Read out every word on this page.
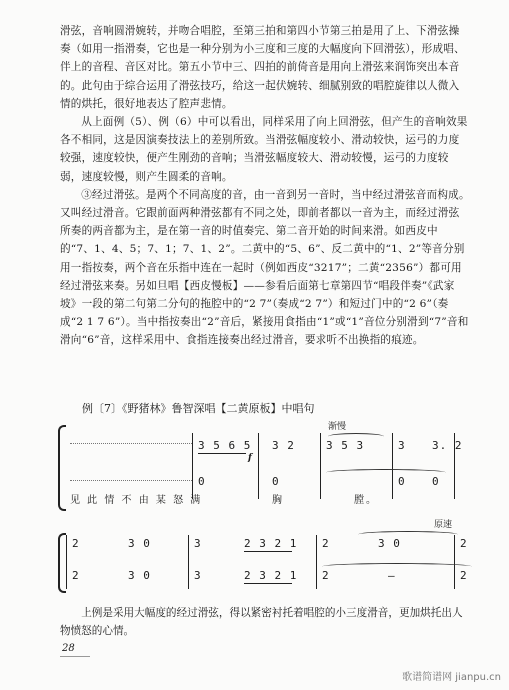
滑弦，音响圆滑婉转，并吻合唱腔，至第三拍和第四小节第三拍是用了上、下滑弦操奏（如用一指滑奏，它也是一种分别为小三度和三度的大幅度向下回滑弦），形成唱、伴上的音程、音区对比。第五小节中三、四拍的前倚音是用向上滑弦来润饰突出本音的。此句由于综合运用了滑弦技巧，给这一起伏婉转、细腻别致的唱腔旋律以人微入情的烘托，很好地表达了腔声悲情。

从上面例（5）、例（6）中可以看出，同样采用了向上回滑弦，但产生的音响效果各不相同，这是因演奏技法上的差别所致。当滑弦幅度较小、滑动较快，运弓的力度较强，速度较快，便产生刚劲的音响；当滑弦幅度较大、滑动较慢，运弓的力度较弱，速度较慢，则产生圆柔的音响。

③经过滑弦。是两个不同高度的音，由一音到另一音时，当中经过滑弦音而构成。又叫经过滑音。它跟前面两种滑弦都有不同之处，即前者都以一音为主，而经过滑弦所奏的两音都为主，是在第一音的时值奏完、第二音开始的时间来滑。如西皮中的“7、1、4、5；7、1；7、1、2”。二黄中的“5、6”、反二黄中的“1、2”等音分别用一指按奏，两个音在乐指中连在一起时（例如西皮“3217”；二黄“2356”）都可用经过滑弦来奏。另如旦唱【西皮慢板】——参看后面第七章第四节“唱段伴奏”《武家坡》一段的第二句第二分句的拖腔中的“2 7”（奏成“2 7”）和短过门中的“2 6”（奏成“2 1 7 6”）。当中指按奏出“2”音后，紧接用食指由“1”或“1”音位分别滑到“7”音和滑向“6”音，这样采用中、食指连接奏出经过滑音，要求听不出换指的痕迹。

例〔7〕《野猪林》鲁智深唱【二黄原板】中唱句
3 5 6 5 3 2	3 5 3	3 3. 2
f
渐慢
0	0	0 0
见 此 情 不 由 某 怒 满	胸	膛。
2	3 0	3	2 3 2 1 2	3 0	2
原速
2	3 0	3	2 3 2 1 2	—	2
上例是采用大幅度的经过滑弦，得以紧密衬托着唱腔的小三度滑音，更加烘托出人物愤怒的心情。
28
歌谱简谱网 jianpu.cn
